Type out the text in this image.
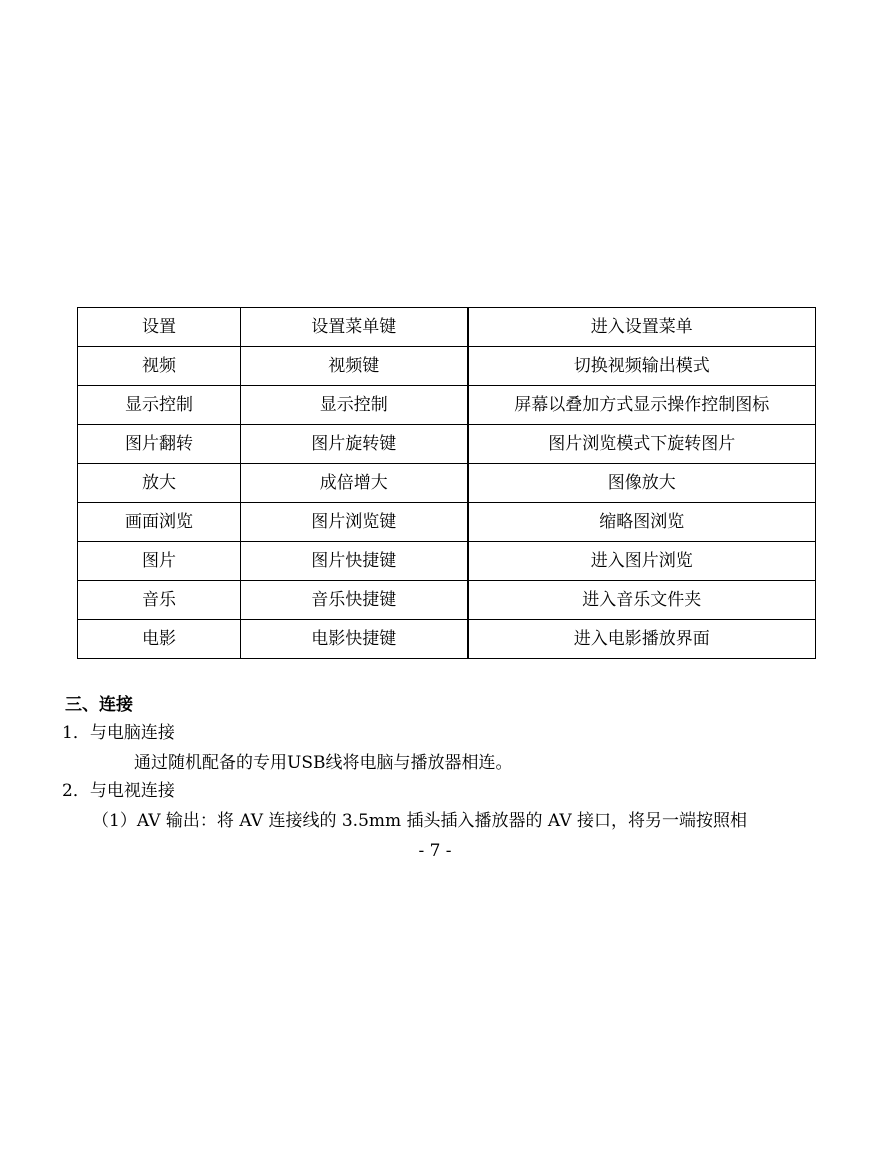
设置	设置菜单键	进入设置菜单
视频	视频键	切换视频输出模式
显示控制	显示控制	屏幕以叠加方式显示操作控制图标
图片翻转	图片旋转键	图片浏览模式下旋转图片
放大	成倍增大	图像放大
画面浏览	图片浏览键	缩略图浏览
图片	图片快捷键	进入图片浏览
音乐	音乐快捷键	进入音乐文件夹
电影	电影快捷键	进入电影播放界面
三、连接
1．与电脑连接
通过随机配备的专用USB线将电脑与播放器相连。
2．与电视连接
（1）AV 输出：将 AV 连接线的 3.5mm 插头插入播放器的 AV 接口，将另一端按照相
- 7 -
